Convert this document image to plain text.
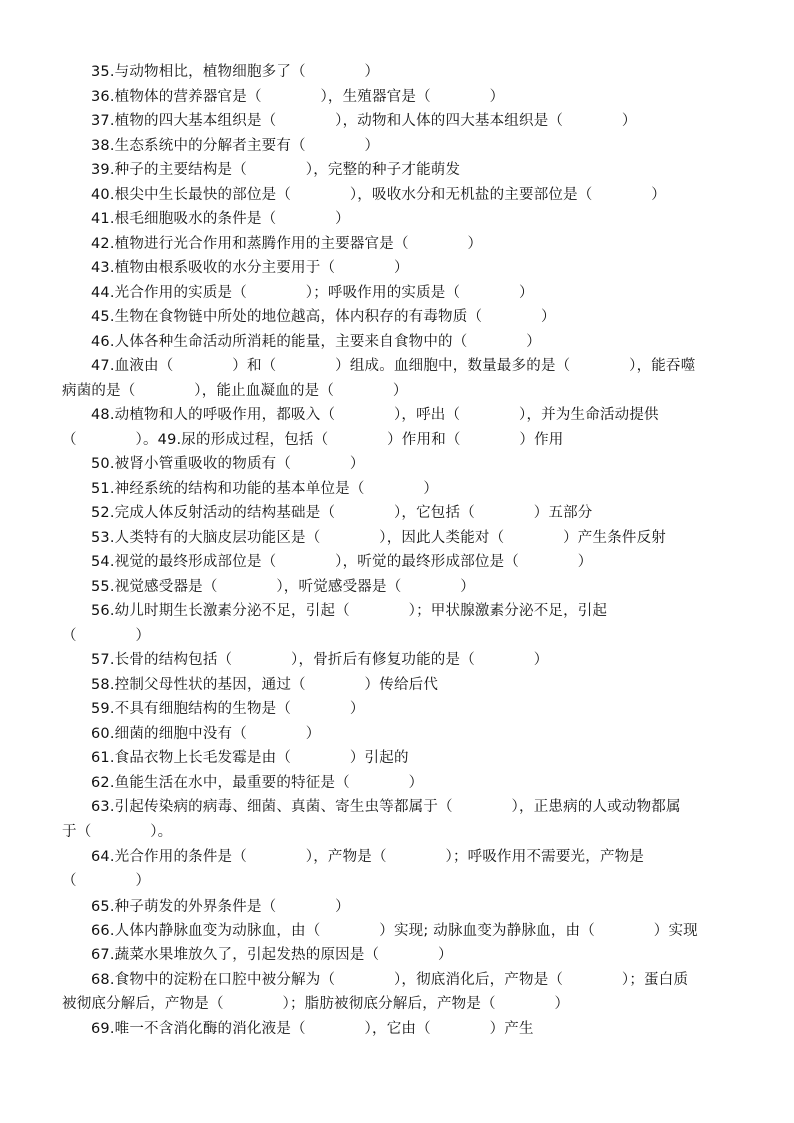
35.与动物相比，植物细胞多了（　　　　）
36.植物体的营养器官是（　　　　），生殖器官是（　　　　）
37.植物的四大基本组织是（　　　　），动物和人体的四大基本组织是（　　　　）
38.生态系统中的分解者主要有（　　　　）
39.种子的主要结构是（　　　　），完整的种子才能萌发
40.根尖中生长最快的部位是（　　　　），吸收水分和无机盐的主要部位是（　　　　）
41.根毛细胞吸水的条件是（　　　　）
42.植物进行光合作用和蒸腾作用的主要器官是（　　　　）
43.植物由根系吸收的水分主要用于（　　　　）
44.光合作用的实质是（　　　　）；呼吸作用的实质是（　　　　）
45.生物在食物链中所处的地位越高，体内积存的有毒物质（　　　　）
46.人体各种生命活动所消耗的能量，主要来自食物中的（　　　　）
47.血液由（　　　　）和（　　　　）组成。血细胞中，数量最多的是（　　　　），能吞噬
病菌的是（　　　　），能止血凝血的是（　　　　）
48.动植物和人的呼吸作用，都吸入（　　　　），呼出（　　　　），并为生命活动提供
（　　　　）。49.尿的形成过程，包括（　　　　）作用和（　　　　）作用
50.被肾小管重吸收的物质有（　　　　）
51.神经系统的结构和功能的基本单位是（　　　　）
52.完成人体反射活动的结构基础是（　　　　），它包括（　　　　）五部分
53.人类特有的大脑皮层功能区是（　　　　），因此人类能对（　　　　）产生条件反射
54.视觉的最终形成部位是（　　　　），听觉的最终形成部位是（　　　　）
55.视觉感受器是（　　　　），听觉感受器是（　　　　）
56.幼儿时期生长激素分泌不足，引起（　　　　）；甲状腺激素分泌不足，引起
（　　　　）
57.长骨的结构包括（　　　　），骨折后有修复功能的是（　　　　）
58.控制父母性状的基因，通过（　　　　）传给后代
59.不具有细胞结构的生物是（　　　　）
60.细菌的细胞中没有（　　　　）
61.食品衣物上长毛发霉是由（　　　　）引起的
62.鱼能生活在水中，最重要的特征是（　　　　）
63.引起传染病的病毒、细菌、真菌、寄生虫等都属于（　　　　），正患病的人或动物都属
于（　　　　）。
64.光合作用的条件是（　　　　），产物是（　　　　）；呼吸作用不需要光，产物是
（　　　　）
65.种子萌发的外界条件是（　　　　）
66.人体内静脉血变为动脉血，由（　　　　）实现; 动脉血变为静脉血，由（　　　　）实现
67.蔬菜水果堆放久了，引起发热的原因是（　　　　）
68.食物中的淀粉在口腔中被分解为（　　　　），彻底消化后，产物是（　　　　）；蛋白质
被彻底分解后，产物是（　　　　）；脂肪被彻底分解后，产物是（　　　　）
69.唯一不含消化酶的消化液是（　　　　），它由（　　　　）产生
